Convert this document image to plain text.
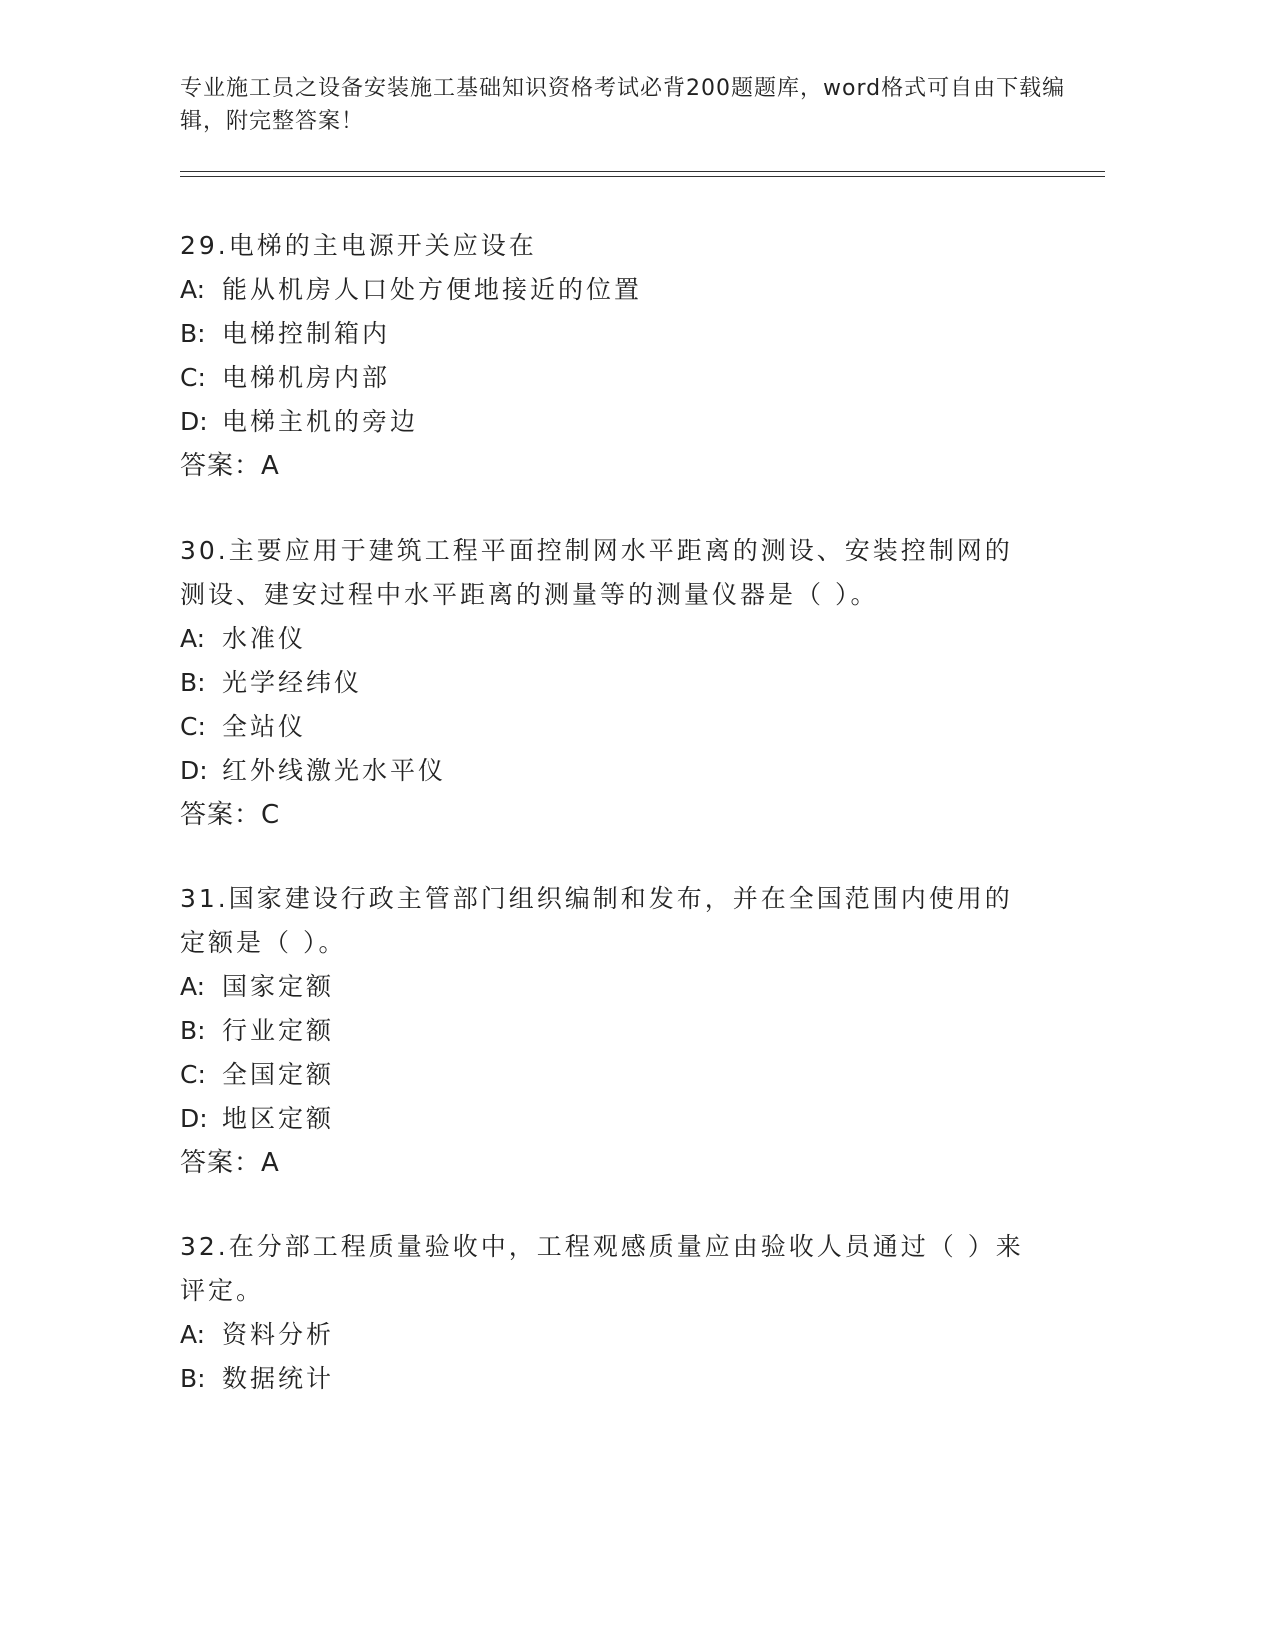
专业施工员之设备安装施工基础知识资格考试必背200题题库，word格式可自由下载编辑，附完整答案！
29.电梯的主电源开关应设在
A: 能从机房人口处方便地接近的位置
B: 电梯控制箱内
C: 电梯机房内部
D: 电梯主机的旁边
答案：A
30.主要应用于建筑工程平面控制网水平距离的测设、安装控制网的测设、建安过程中水平距离的测量等的测量仪器是（ ）。
A: 水准仪
B: 光学经纬仪
C: 全站仪
D: 红外线激光水平仪
答案：C
31.国家建设行政主管部门组织编制和发布，并在全国范围内使用的定额是（ ）。
A: 国家定额
B: 行业定额
C: 全国定额
D: 地区定额
答案：A
32.在分部工程质量验收中，工程观感质量应由验收人员通过（ ）来评定。
A: 资料分析
B: 数据统计
